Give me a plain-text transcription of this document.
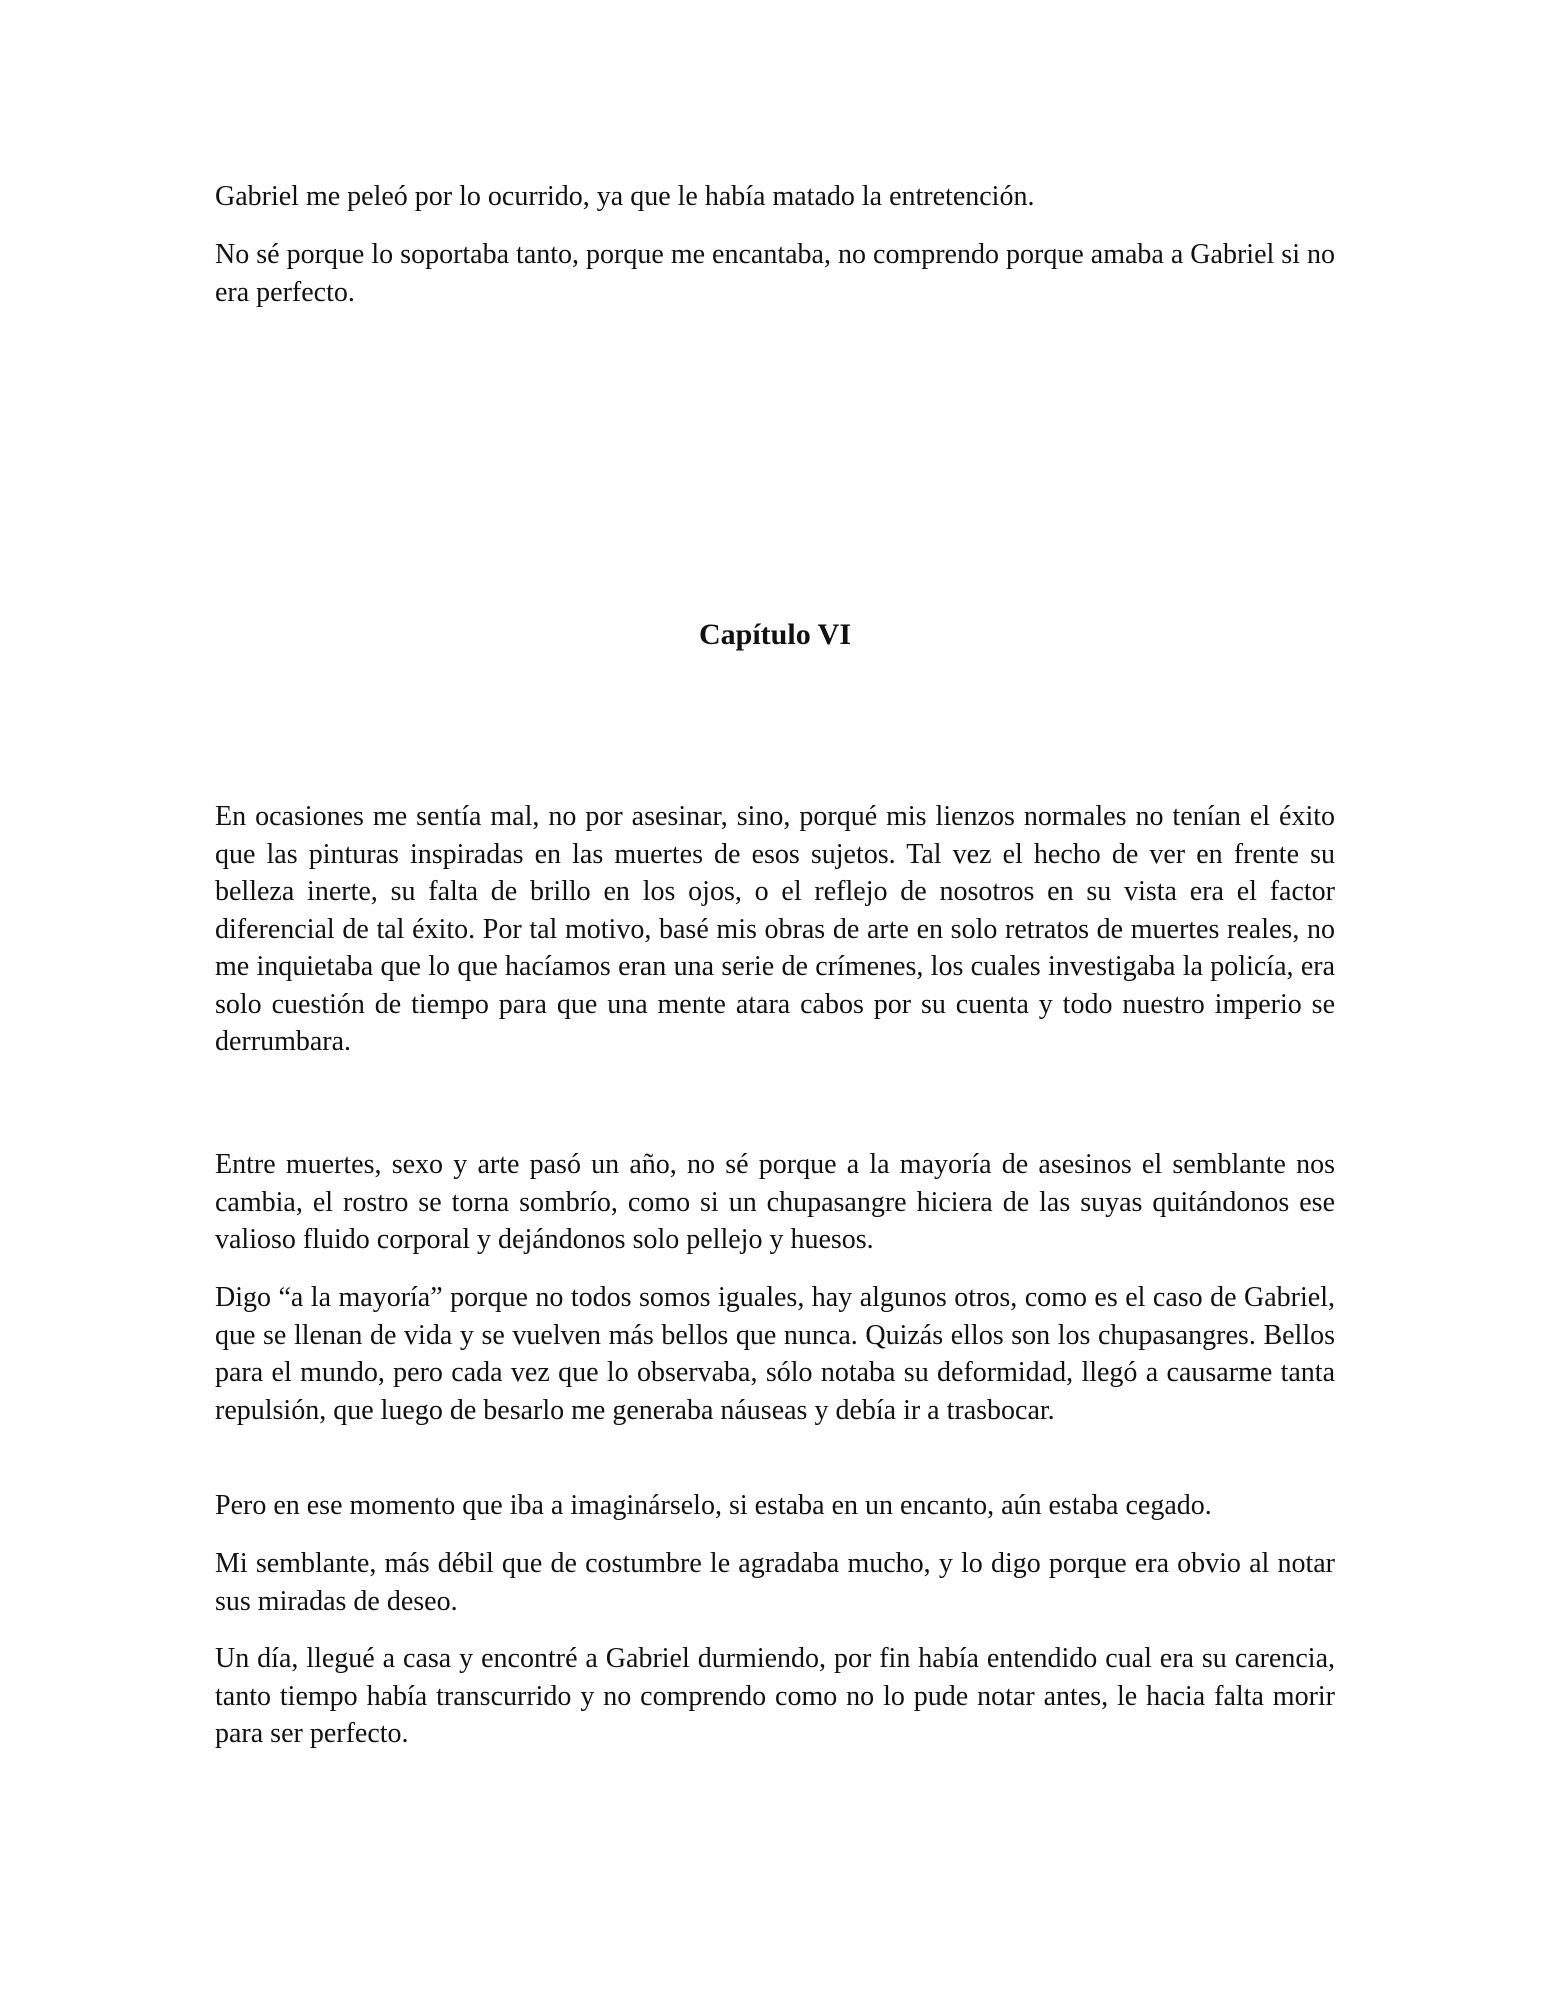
Gabriel me peleó por lo ocurrido, ya que le había matado la entretención.

No sé porque lo soportaba tanto, porque me encantaba, no comprendo porque amaba a Gabriel si no era perfecto.

Capítulo VI

En ocasiones me sentía mal, no por asesinar, sino, porqué mis lienzos normales no tenían el éxito que las pinturas inspiradas en las muertes de esos sujetos. Tal vez el hecho de ver en frente su belleza inerte, su falta de brillo en los ojos, o el reflejo de nosotros en su vista era el factor diferencial de tal éxito. Por tal motivo, basé mis obras de arte en solo retratos de muertes reales, no me inquietaba que lo que hacíamos eran una serie de crímenes, los cuales investigaba la policía, era solo cuestión de tiempo para que una mente atara cabos por su cuenta y todo nuestro imperio se derrumbara.

Entre muertes, sexo y arte pasó un año, no sé porque a la mayoría de asesinos el semblante nos cambia, el rostro se torna sombrío, como si un chupasangre hiciera de las suyas quitándonos ese valioso fluido corporal y dejándonos solo pellejo y huesos.

Digo “a la mayoría” porque no todos somos iguales, hay algunos otros, como es el caso de Gabriel, que se llenan de vida y se vuelven más bellos que nunca. Quizás ellos son los chupasangres. Bellos para el mundo, pero cada vez que lo observaba, sólo notaba su deformidad, llegó a causarme tanta repulsión, que luego de besarlo me generaba náuseas y debía ir a trasbocar.

Pero en ese momento que iba a imaginárselo, si estaba en un encanto, aún estaba cegado.

Mi semblante, más débil que de costumbre le agradaba mucho, y lo digo porque era obvio al notar sus miradas de deseo.

Un día, llegué a casa y encontré a Gabriel durmiendo, por fin había entendido cual era su carencia, tanto tiempo había transcurrido y no comprendo como no lo pude notar antes, le hacia falta morir para ser perfecto.
